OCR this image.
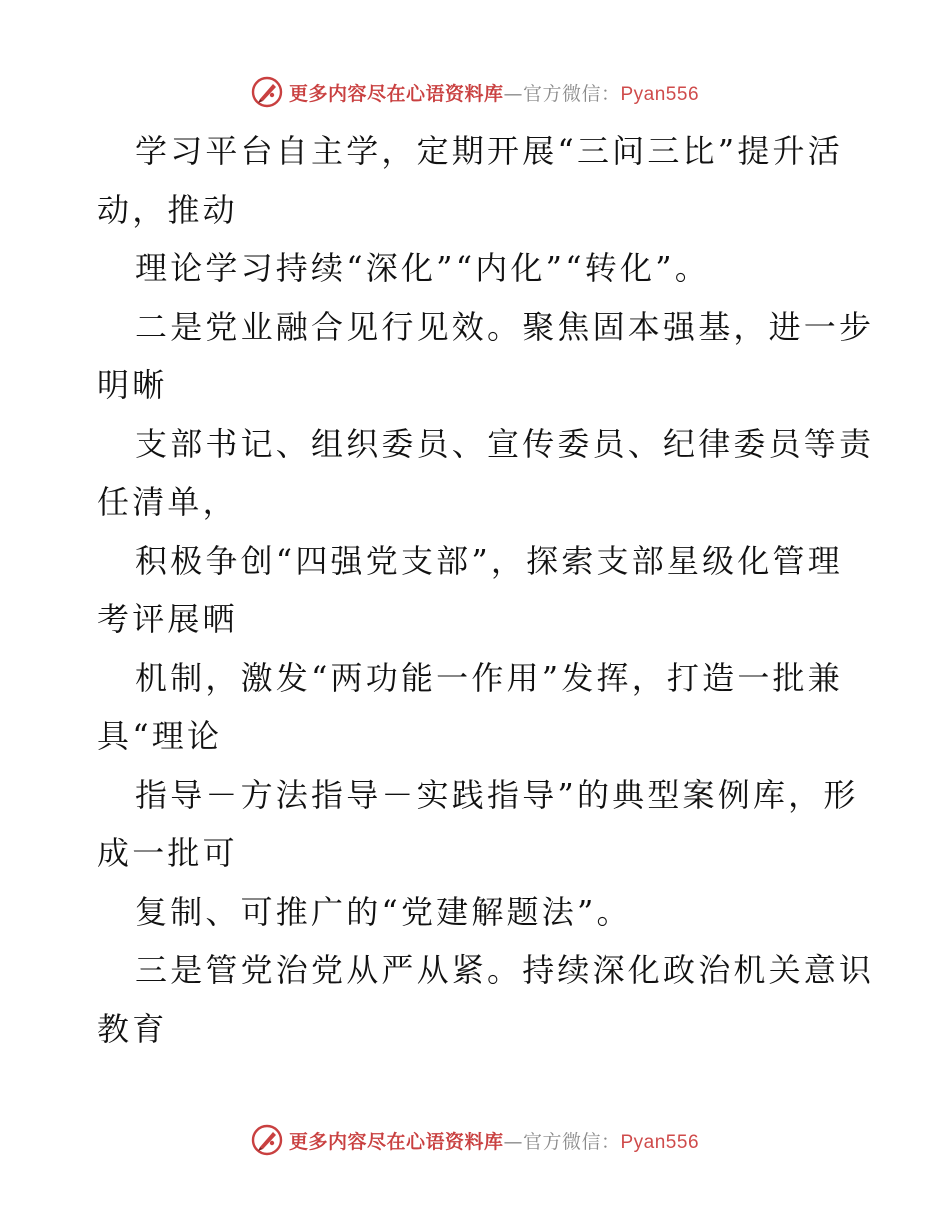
更多内容尽在心语资料库—官方微信：Pyan556
学习平台自主学，定期开展“三问三比”提升活
动，推动
理论学习持续“深化”“内化”“转化”。
二是党业融合见行见效。聚焦固本强基，进一步
明晰
支部书记、组织委员、宣传委员、纪律委员等责
任清单，
积极争创“四强党支部”，探索支部星级化管理
考评展晒
机制，激发“两功能一作用”发挥，打造一批兼
具“理论
指导－方法指导－实践指导”的典型案例库，形
成一批可
复制、可推广的“党建解题法”。
三是管党治党从严从紧。持续深化政治机关意识
教育
更多内容尽在心语资料库—官方微信：Pyan556
